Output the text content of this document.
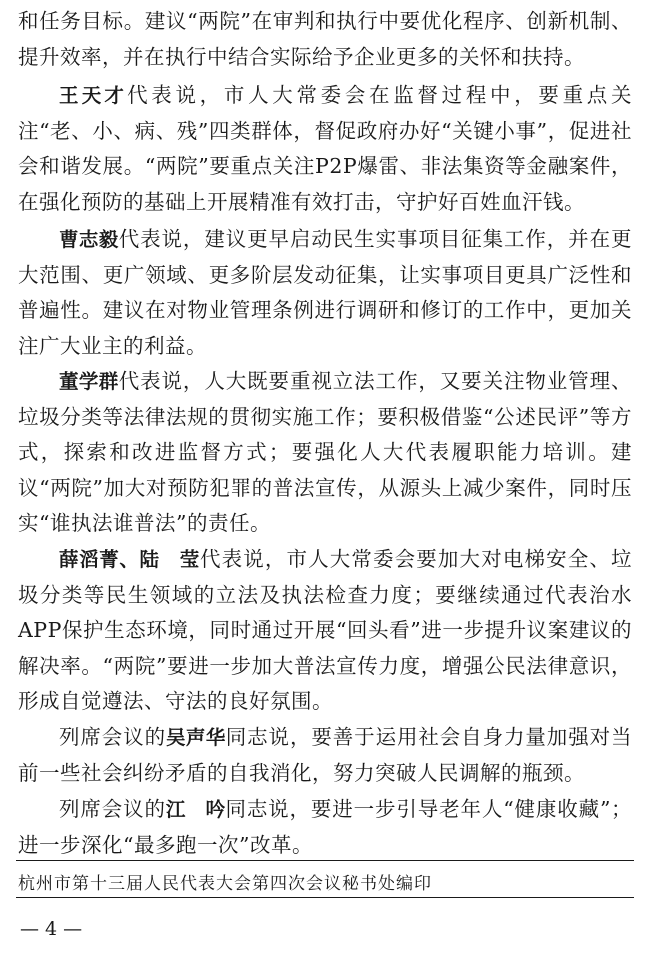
和任务目标。建议“两院”在审判和执行中要优化程序、创新机制、提升效率，并在执行中结合实际给予企业更多的关怀和扶持。

王天才代表说，市人大常委会在监督过程中，要重点关注“老、小、病、残”四类群体，督促政府办好“关键小事”，促进社会和谐发展。“两院”要重点关注P2P爆雷、非法集资等金融案件，在强化预防的基础上开展精准有效打击，守护好百姓血汗钱。

曹志毅代表说，建议更早启动民生实事项目征集工作，并在更大范围、更广领域、更多阶层发动征集，让实事项目更具广泛性和普遍性。建议在对物业管理条例进行调研和修订的工作中，更加关注广大业主的利益。

董学群代表说，人大既要重视立法工作，又要关注物业管理、垃圾分类等法律法规的贯彻实施工作；要积极借鉴“公述民评”等方式，探索和改进监督方式；要强化人大代表履职能力培训。建议“两院”加大对预防犯罪的普法宣传，从源头上减少案件，同时压实“谁执法谁普法”的责任。

薛滔菁、陆　莹代表说，市人大常委会要加大对电梯安全、垃圾分类等民生领域的立法及执法检查力度；要继续通过代表治水APP保护生态环境，同时通过开展“回头看”进一步提升议案建议的解决率。“两院”要进一步加大普法宣传力度，增强公民法律意识，形成自觉遵法、守法的良好氛围。

列席会议的吴声华同志说，要善于运用社会自身力量加强对当前一些社会纠纷矛盾的自我消化，努力突破人民调解的瓶颈。

列席会议的江　吟同志说，要进一步引导老年人“健康收藏”；进一步深化“最多跑一次”改革。

杭州市第十三届人民代表大会第四次会议秘书处编印
— 4 —
